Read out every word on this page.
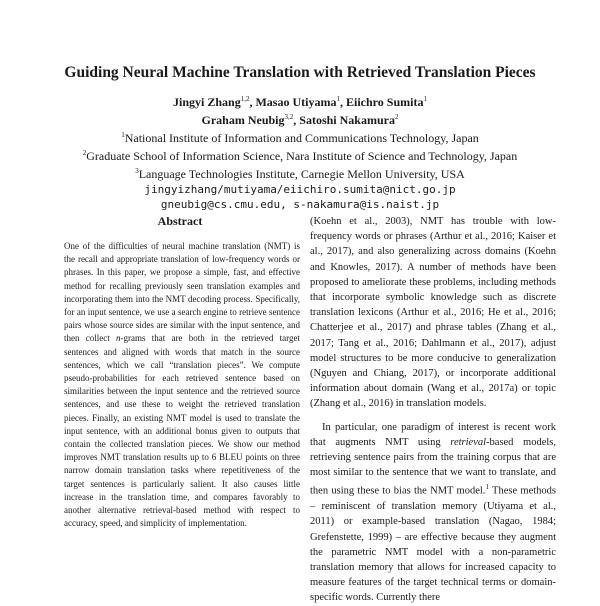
Guiding Neural Machine Translation with Retrieved Translation Pieces
Jingyi Zhang$^{1,2}$, Masao Utiyama$^1$, Eiichro Sumita$^1$
Graham Neubig$^{3,2}$, Satoshi Nakamura$^2$
$^1$National Institute of Information and Communications Technology, Japan
$^2$Graduate School of Information Science, Nara Institute of Science and Technology, Japan
$^3$Language Technologies Institute, Carnegie Mellon University, USA
jingyizhang/mutiyama/eiichiro.sumita@nict.go.jp
gneubig@cs.cmu.edu, s-nakamura@is.naist.jp
Abstract

One of the difficulties of neural machine translation (NMT) is the recall and appropriate translation of low-frequency words or phrases. In this paper, we propose a simple, fast, and effective method for recalling previously seen translation examples and incorporating them into the NMT decoding process. Specifically, for an input sentence, we use a search engine to retrieve sentence pairs whose source sides are similar with the input sentence, and then collect n-grams that are both in the retrieved target sentences and aligned with words that match in the source sentences, which we call “translation pieces”. We compute pseudo-probabilities for each retrieved sentence based on similarities between the input sentence and the retrieved source sentences, and use these to weight the retrieved translation pieces. Finally, an existing NMT model is used to translate the input sentence, with an additional bonus given to outputs that contain the collected translation pieces. We show our method improves NMT translation results up to 6 BLEU points on three narrow domain translation tasks where repetitiveness of the target sentences is particularly salient. It also causes little increase in the translation time, and compares favorably to another alternative retrieval-based method with respect to accuracy, speed, and simplicity of implementation.

(Koehn et al., 2003), NMT has trouble with low-frequency words or phrases (Arthur et al., 2016; Kaiser et al., 2017), and also generalizing across domains (Koehn and Knowles, 2017). A number of methods have been proposed to ameliorate these problems, including methods that incorporate symbolic knowledge such as discrete translation lexicons (Arthur et al., 2016; He et al., 2016; Chatterjee et al., 2017) and phrase tables (Zhang et al., 2017; Tang et al., 2016; Dahlmann et al., 2017), adjust model structures to be more conducive to generalization (Nguyen and Chiang, 2017), or incorporate additional information about domain (Wang et al., 2017a) or topic (Zhang et al., 2016) in translation models.

In particular, one paradigm of interest is recent work that augments NMT using retrieval-based models, retrieving sentence pairs from the training corpus that are most similar to the sentence that we want to translate, and then using these to bias the NMT model.$^1$ These methods – reminiscent of translation memory (Utiyama et al., 2011) or example-based translation (Nagao, 1984; Grefenstette, 1999) – are effective because they augment the parametric NMT model with a non-parametric translation memory that allows for increased capacity to measure features of the target technical terms or domain-specific words. Currently there
